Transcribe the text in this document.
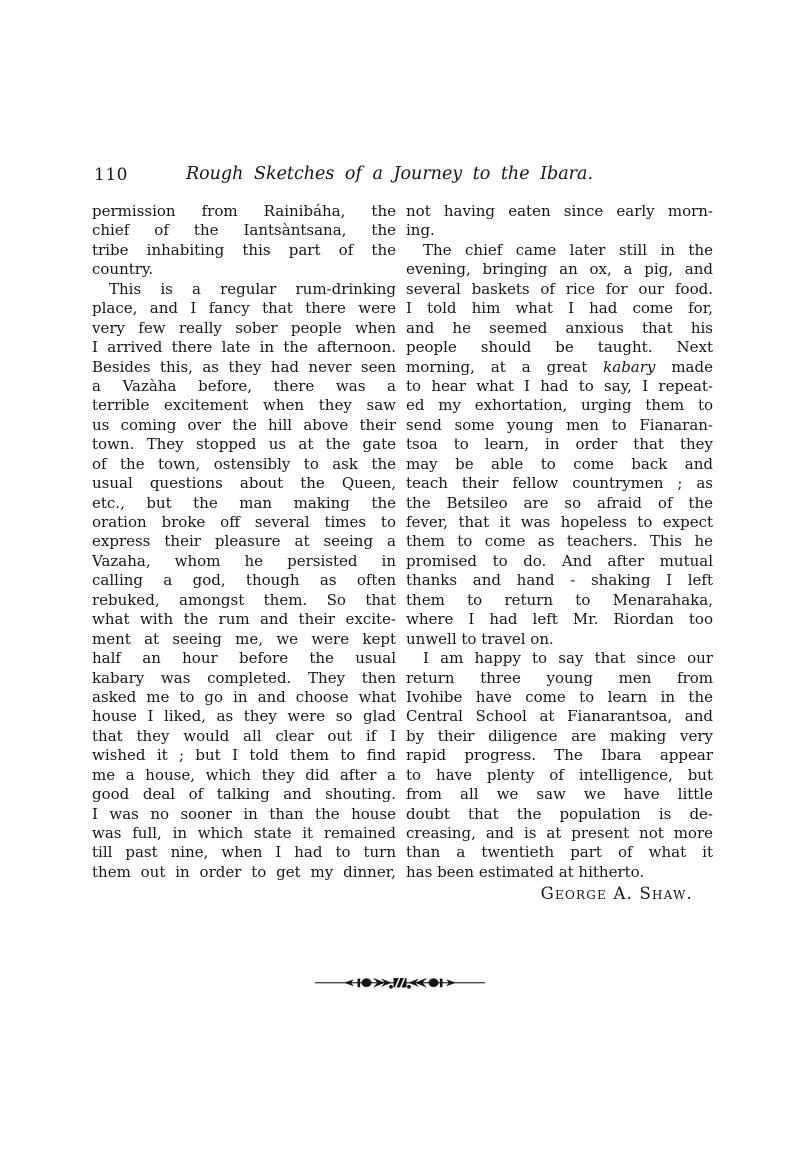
110	Rough Sketches of a Journey to the Ibara.
permission from Rainibáha, the
chief of the Iantsàntsana, the
tribe inhabiting this part of the
country.
This is a regular rum-drinking
place, and I fancy that there were
very few really sober people when
I arrived there late in the afternoon.
Besides this, as they had never seen
a Vazàha before, there was a
terrible excitement when they saw
us coming over the hill above their
town. They stopped us at the gate
of the town, ostensibly to ask the
usual questions about the Queen,
etc., but the man making the
oration broke off several times to
express their pleasure at seeing a
Vazaha, whom he persisted in
calling a god, though as often
rebuked, amongst them. So that
what with the rum and their excite-
ment at seeing me, we were kept
half an hour before the usual
kabary was completed. They then
asked me to go in and choose what
house I liked, as they were so glad
that they would all clear out if I
wished it ; but I told them to find
me a house, which they did after a
good deal of talking and shouting.
I was no sooner in than the house
was full, in which state it remained
till past nine, when I had to turn
them out in order to get my dinner,
not having eaten since early morn-
ing.
The chief came later still in the
evening, bringing an ox, a pig, and
several baskets of rice for our food.
I told him what I had come for,
and he seemed anxious that his
people should be taught. Next
morning, at a great kabary made
to hear what I had to say, I repeat-
ed my exhortation, urging them to
send some young men to Fianaran-
tsoa to learn, in order that they
may be able to come back and
teach their fellow countrymen ; as
the Betsileo are so afraid of the
fever, that it was hopeless to expect
them to come as teachers. This he
promised to do. And after mutual
thanks and hand - shaking I left
them to return to Menarahaka,
where I had left Mr. Riordan too
unwell to travel on.
I am happy to say that since our
return three young men from
Ivohibe have come to learn in the
Central School at Fianarantsoa, and
by their diligence are making very
rapid progress. The Ibara appear
to have plenty of intelligence, but
from all we saw we have little
doubt that the population is de-
creasing, and is at present not more
than a twentieth part of what it
has been estimated at hitherto.
George A. Shaw.
